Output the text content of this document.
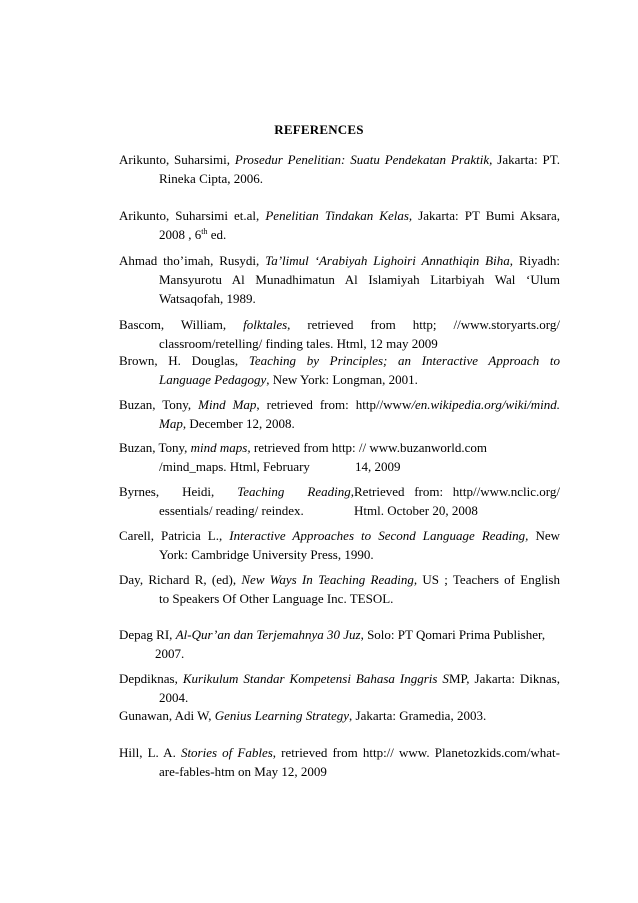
REFERENCES
Arikunto, Suharsimi, Prosedur Penelitian: Suatu Pendekatan Praktik, Jakarta: PT.
Rineka Cipta, 2006.
Arikunto, Suharsimi et.al, Penelitian Tindakan Kelas, Jakarta: PT Bumi Aksara,
2008 , 6th ed.
Ahmad tho’imah, Rusydi, Ta’limul ‘Arabiyah Lighoiri Annathiqin Biha, Riyadh:
Mansyurotu Al Munadhimatun Al Islamiyah Litarbiyah Wal ‘Ulum
Watsaqofah, 1989.
Bascom, William, folktales, retrieved from http; //www.storyarts.org/
classroom/retelling/ finding tales. Html, 12 may 2009
Brown, H. Douglas, Teaching by Principles; an Interactive Approach to
Language Pedagogy, New York: Longman, 2001.
Buzan, Tony, Mind Map, retrieved from: http//www/en.wikipedia.org/wiki/mind.
Map, December 12, 2008.
Buzan, Tony, mind maps, retrieved from http: // www.buzanworld.com
/mind_maps. Html, February	14, 2009
Byrnes, Heidi, Teaching Reading,Retrieved from: http//www.nclic.org/
essentials/ reading/ reindex.	Html. October 20, 2008
Carell, Patricia L., Interactive Approaches to Second Language Reading, New
York: Cambridge University Press, 1990.
Day, Richard R, (ed), New Ways In Teaching Reading, US ; Teachers of English
to Speakers Of Other Language Inc. TESOL.
Depag RI, Al-Qur’an dan Terjemahnya 30 Juz, Solo: PT Qomari Prima Publisher,
2007.
Depdiknas, Kurikulum Standar Kompetensi Bahasa Inggris SMP, Jakarta: Diknas,
2004.
Gunawan, Adi W, Genius Learning Strategy, Jakarta: Gramedia, 2003.
Hill, L. A. Stories of Fables, retrieved from http:// www. Planetozkids.com/what-
are-fables-htm on May 12, 2009
